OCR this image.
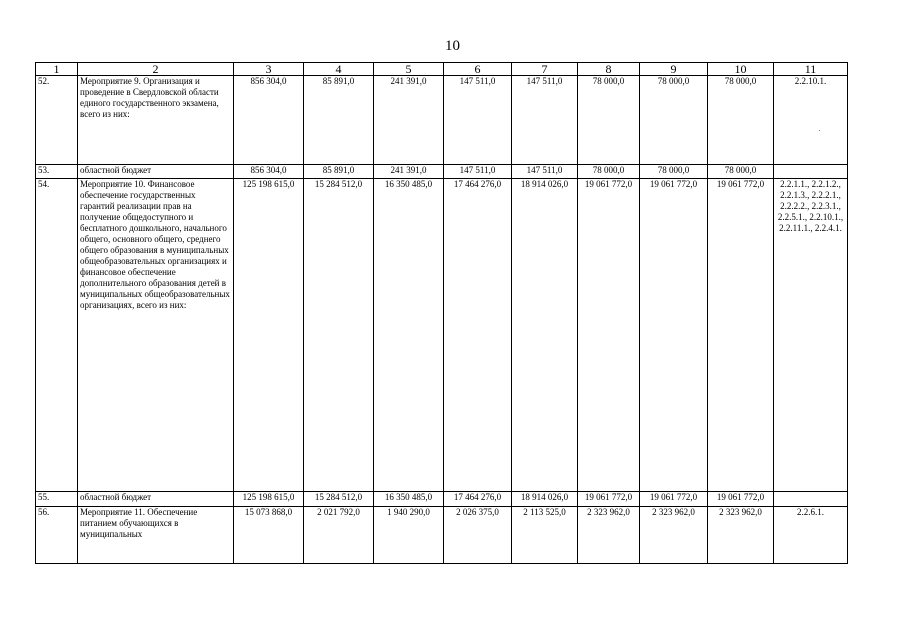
10
1	2	3	4	5	6	7	8	9	10	11
52.	Мероприятие 9. Организация и проведение в Свердловской области единого государственного экзамена, всего из них:	856 304,0	85 891,0	241 391,0	147 511,0	147 511,0	78 000,0	78 000,0	78 000,0	2.2.10.1.
53.	областной бюджет	856 304,0	85 891,0	241 391,0	147 511,0	147 511,0	78 000,0	78 000,0	78 000,0	
54.	Мероприятие 10. Финансовое обеспечение государственных гарантий реализации прав на получение общедоступного и бесплатного дошкольного, начального общего, основного общего, среднего общего образования в муниципальных общеобразовательных организациях и финансовое обеспечение дополнительного образования детей в муниципальных общеобразовательных организациях, всего из них:	125 198 615,0	15 284 512,0	16 350 485,0	17 464 276,0	18 914 026,0	19 061 772,0	19 061 772,0	19 061 772,0	2.2.1.1., 2.2.1.2., 2.2.1.3., 2.2.2.1., 2.2.2.2., 2.2.3.1., 2.2.5.1., 2.2.10.1., 2.2.11.1., 2.2.4.1.
55.	областной бюджет	125 198 615,0	15 284 512,0	16 350 485,0	17 464 276,0	18 914 026,0	19 061 772,0	19 061 772,0	19 061 772,0	
56.	Мероприятие 11. Обеспечение питанием обучающихся в муниципальных	15 073 868,0	2 021 792,0	1 940 290,0	2 026 375,0	2 113 525,0	2 323 962,0	2 323 962,0	2 323 962,0	2.2.6.1.
